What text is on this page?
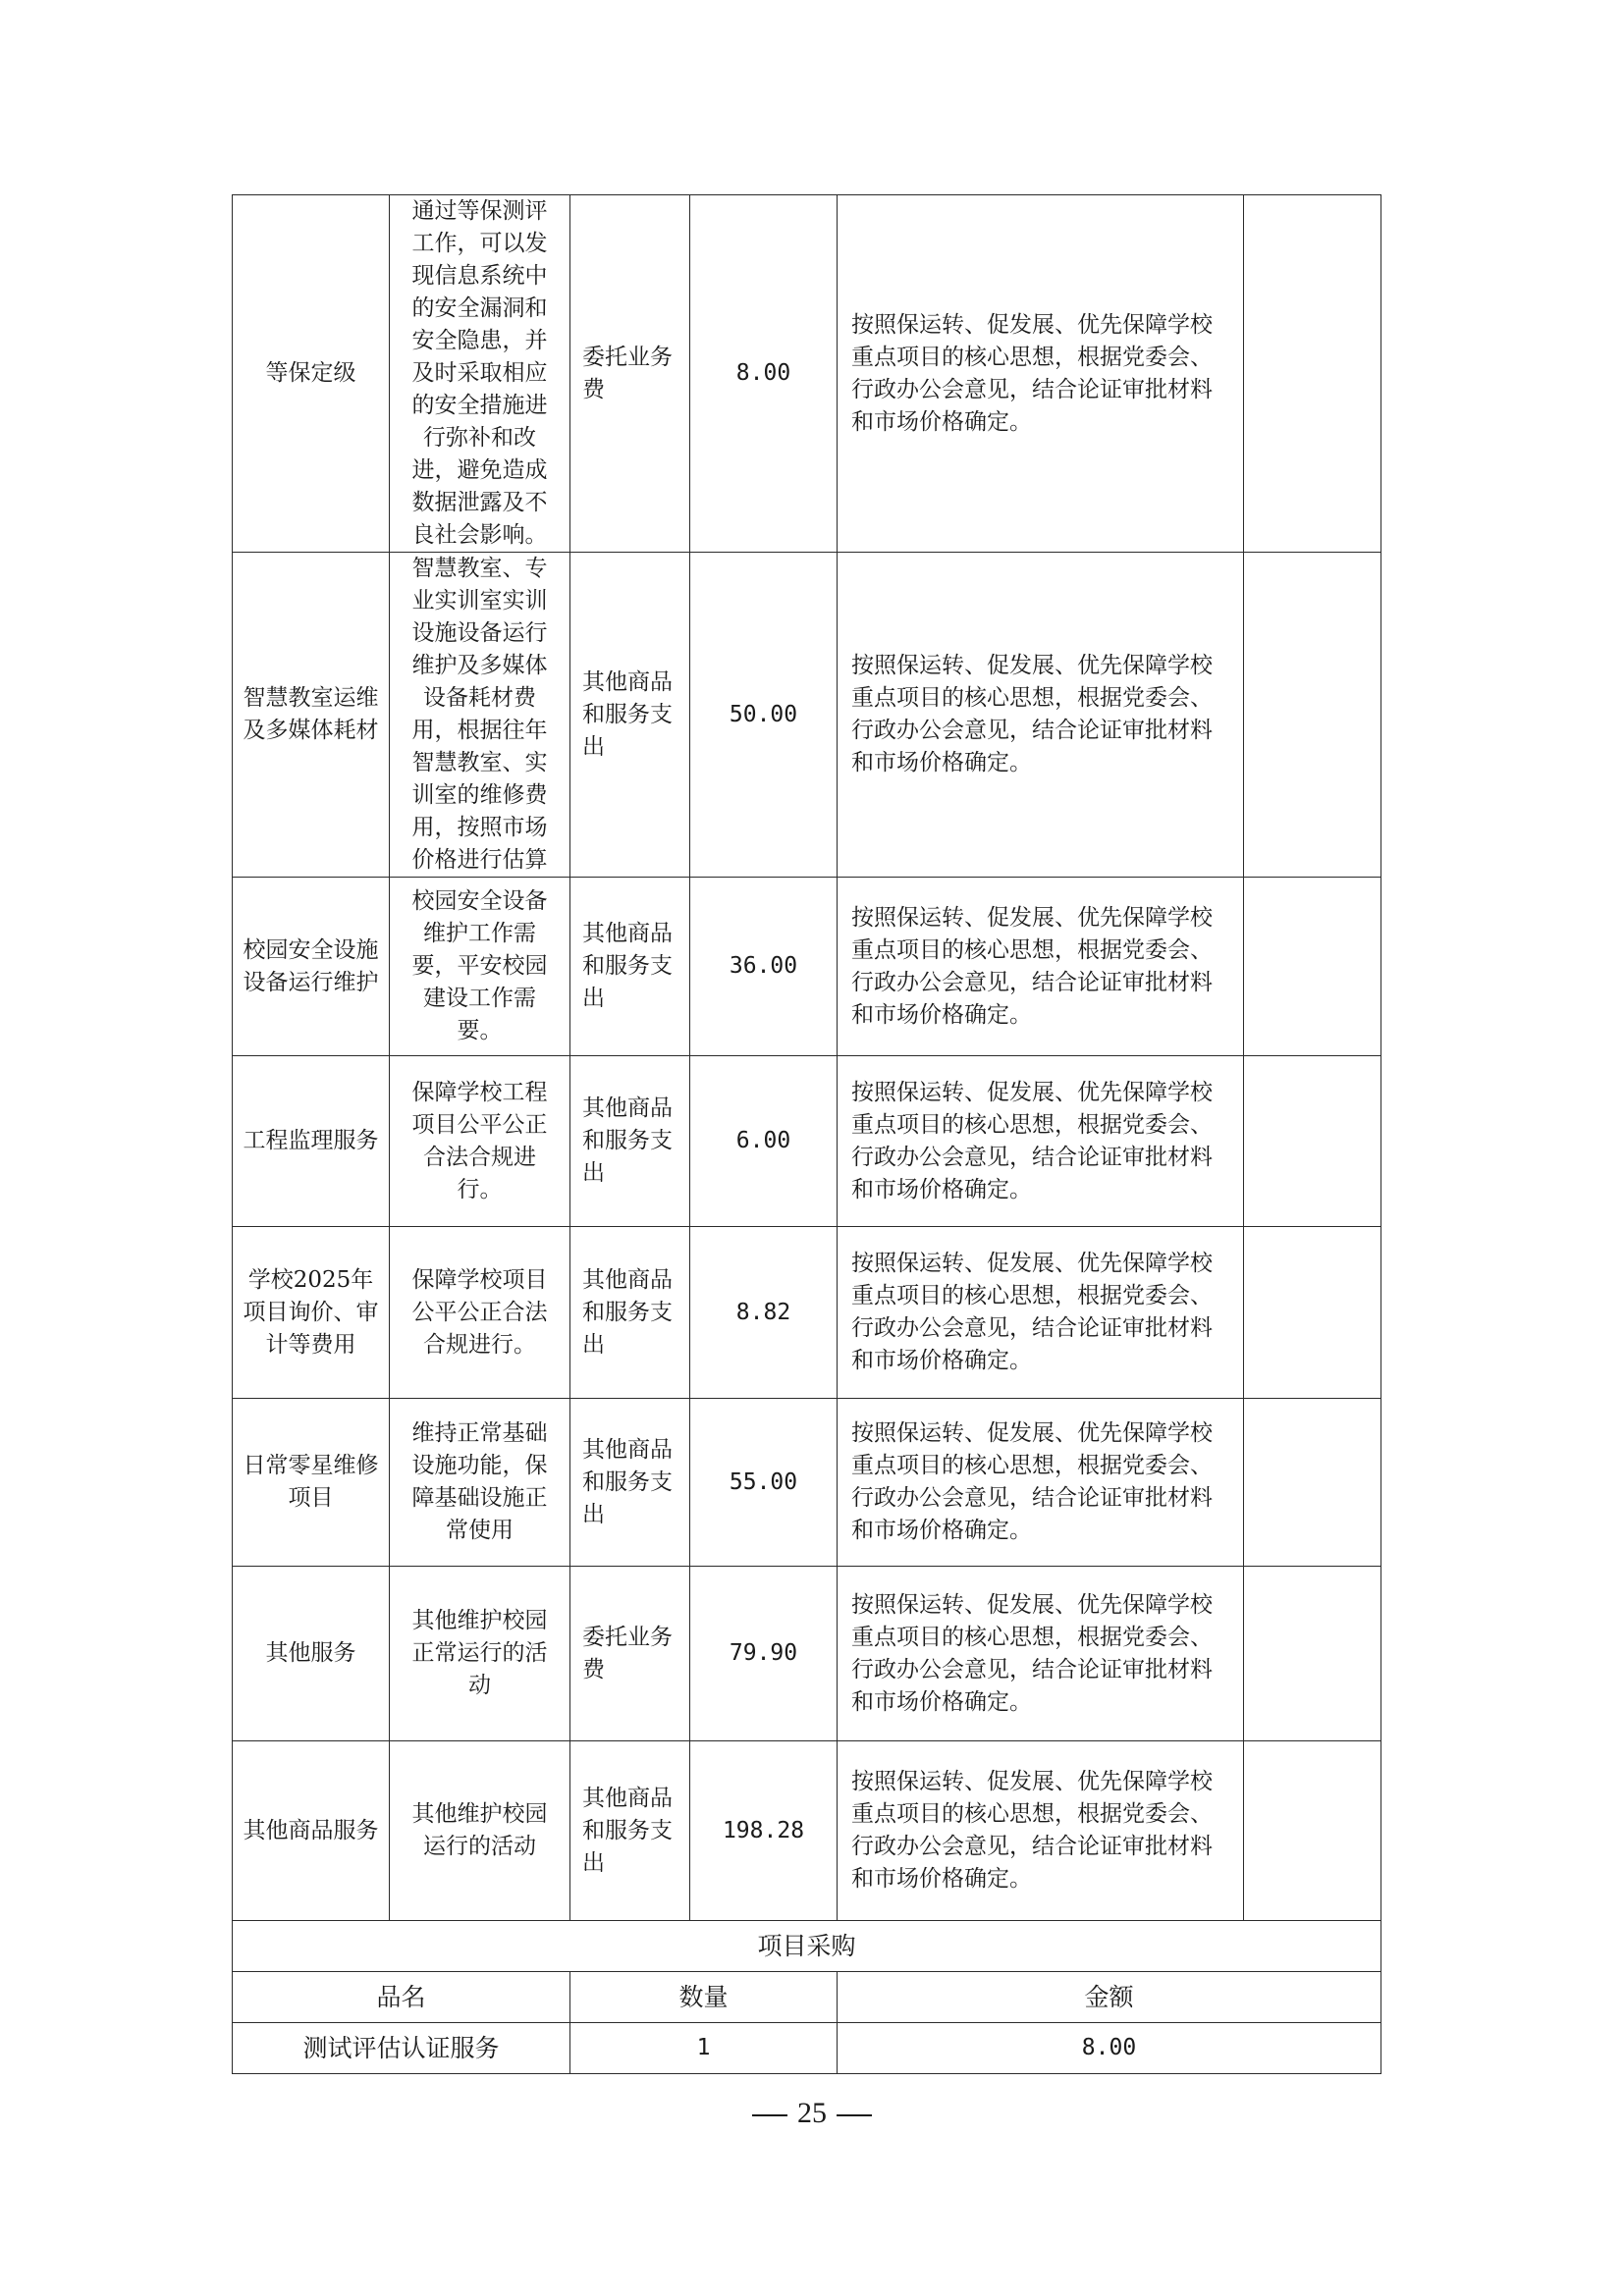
等保定级	通过等保测评工作，可以发现信息系统中的安全漏洞和安全隐患，并及时采取相应的安全措施进行弥补和改进，避免造成数据泄露及不良社会影响。	委托业务费	8.00	按照保运转、促发展、优先保障学校重点项目的核心思想，根据党委会、行政办公会意见，结合论证审批材料和市场价格确定。	
智慧教室运维及多媒体耗材	智慧教室、专业实训室实训设施设备运行维护及多媒体设备耗材费用，根据往年智慧教室、实训室的维修费用，按照市场价格进行估算	其他商品和服务支出	50.00	按照保运转、促发展、优先保障学校重点项目的核心思想，根据党委会、行政办公会意见，结合论证审批材料和市场价格确定。	
校园安全设施设备运行维护	校园安全设备维护工作需要，平安校园建设工作需要。	其他商品和服务支出	36.00	按照保运转、促发展、优先保障学校重点项目的核心思想，根据党委会、行政办公会意见，结合论证审批材料和市场价格确定。	
工程监理服务	保障学校工程项目公平公正合法合规进行。	其他商品和服务支出	6.00	按照保运转、促发展、优先保障学校重点项目的核心思想，根据党委会、行政办公会意见，结合论证审批材料和市场价格确定。	
学校2025年项目询价、审计等费用	保障学校项目公平公正合法合规进行。	其他商品和服务支出	8.82	按照保运转、促发展、优先保障学校重点项目的核心思想，根据党委会、行政办公会意见，结合论证审批材料和市场价格确定。	
日常零星维修项目	维持正常基础设施功能，保障基础设施正常使用	其他商品和服务支出	55.00	按照保运转、促发展、优先保障学校重点项目的核心思想，根据党委会、行政办公会意见，结合论证审批材料和市场价格确定。	
其他服务	其他维护校园正常运行的活动	委托业务费	79.90	按照保运转、促发展、优先保障学校重点项目的核心思想，根据党委会、行政办公会意见，结合论证审批材料和市场价格确定。	
其他商品服务	其他维护校园运行的活动	其他商品和服务支出	198.28	按照保运转、促发展、优先保障学校重点项目的核心思想，根据党委会、行政办公会意见，结合论证审批材料和市场价格确定。	
项目采购					
品名		数量		金额	
测试评估认证服务		1		8.00	
25
